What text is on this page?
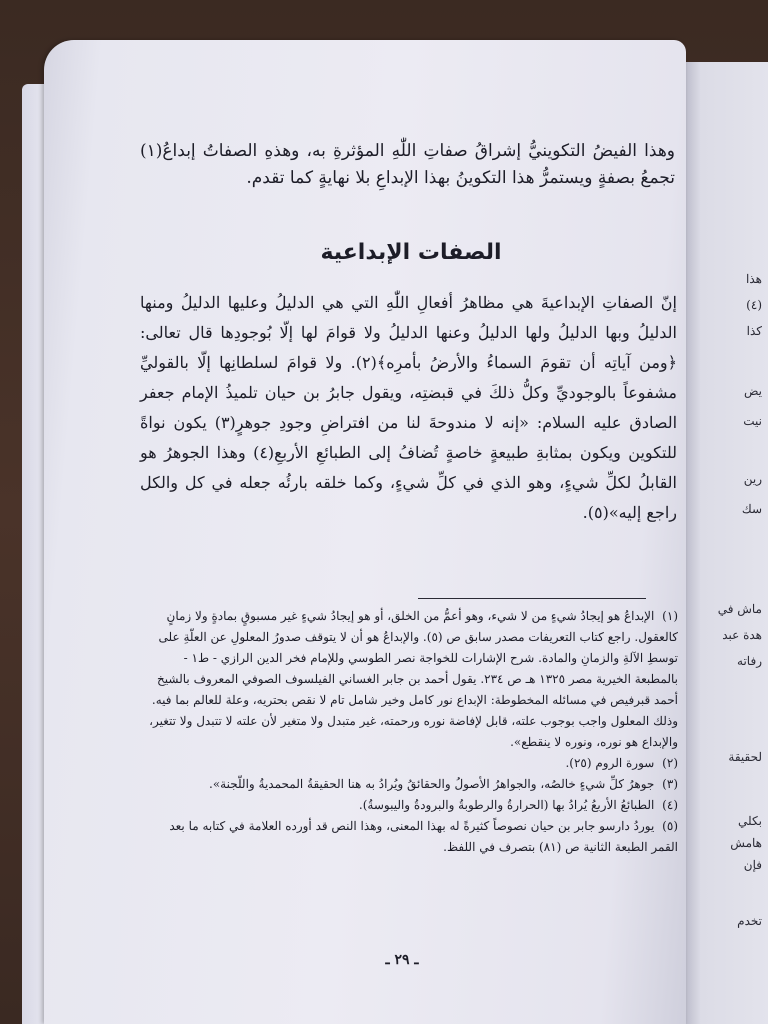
هذا
(٤)
كذا
يض
نيت
رين
سك
ماش في
هدة عبد
رفاته
لحقيقة
بكلي
هامش
فإن
تخدم

وهذا الفيضُ التكوينيُّ إشراقُ صفاتِ اللّٰهِ المؤثرةِ به، وهذهِ الصفاتُ إبداعُ(١) تجمعُ بصفةٍ ويستمرُّ هذا التكوينُ بهذا الإبداعِ بلا نهايةٍ كما تقدم.

الصفات الإبداعية

إنّ الصفاتِ الإبداعيةَ هي مظاهرُ أفعالِ اللّٰهِ التي هي الدليلُ وعليها الدليلُ ومنها الدليلُ وبها الدليلُ ولها الدليلُ وعنها الدليلُ ولا قوامَ لها إلّا بُوجودِها قال تعالى: ﴿ومن آياتِه أن تقومَ السماءُ والأرضُ بأمرِه﴾(٢). ولا قوامَ لسلطانِها إلّا بالقوليِّ مشفوعاً بالوجوديِّ وكلُّ ذلكَ في قبضتِه، ويقول جابرُ بن حيان تلميذُ الإمام جعفر الصادق عليه السلام: «إنه لا مندوحةَ لنا من افتراضِ وجودِ جوهرٍ(٣) يكون نواةً للتكوين ويكون بمثابةِ طبيعةٍ خاصةٍ تُضافُ إلى الطبائعِ الأربعِ(٤) وهذا الجوهرُ هو القابلُ لكلِّ شيءٍ، وهو الذي في كلِّ شيءٍ، وكما خلقه بارئُه جعله في كل والكل راجع إليه»(٥).

(١) الإبداعُ هو إيجادُ شيءٍ من لا شيء، وهو أعمُّ من الخلق، أو هو إيجادُ شيءٍ غير مسبوقٍ بمادةٍ ولا زمانٍ كالعقول. راجع كتاب التعريفات مصدر سابق ص (٥). والإبداعُ هو أن لا يتوقف صدورُ المعلولِ عن العلّةِ على توسطِ الآلةِ والزمانِ والمادة. شرح الإشارات للخواجة نصر الطوسي وللإمام فخر الدين الرازي - ط١ - بالمطبعة الخيرية مصر ١٣٢٥ هـ ص ٢٣٤. يقول أحمد بن جابر الغساني الفيلسوف الصوفي المعروف بالشيخ أحمد قبرفيص في مسائله المخطوطة: الإبداع نور كامل وخير شامل تام لا نقص بحتريه، وعلة للعالم بما فيه. وذلك المعلول واجب بوجوب علته، قابل لإفاضة نوره ورحمته، غير متبدل ولا متغير لأن علته لا تتبدل ولا تتغير، والإبداع هو نوره، ونوره لا ينقطع».

(٢) سورة الروم (٢٥).

(٣) جوهرُ كلِّ شيءٍ خالصُه، والجواهرُ الأصولُ والحقائقُ ويُرادُ به هنا الحقيقةُ المحمديةُ واللّجنة».

(٤) الطبائعُ الأربعُ يُرادُ بها (الحرارةُ والرطوبةُ والبرودةُ واليبوسةُ).

(٥) يوردُ دارسو جابر بن حيان نصوصاً كثيرةً له بهذا المعنى، وهذا النص قد أورده العلامة في كتابه ما بعد القمر الطبعة الثانية ص (٨١) بتصرف في اللفظ.

ـ ٢٩ ـ
